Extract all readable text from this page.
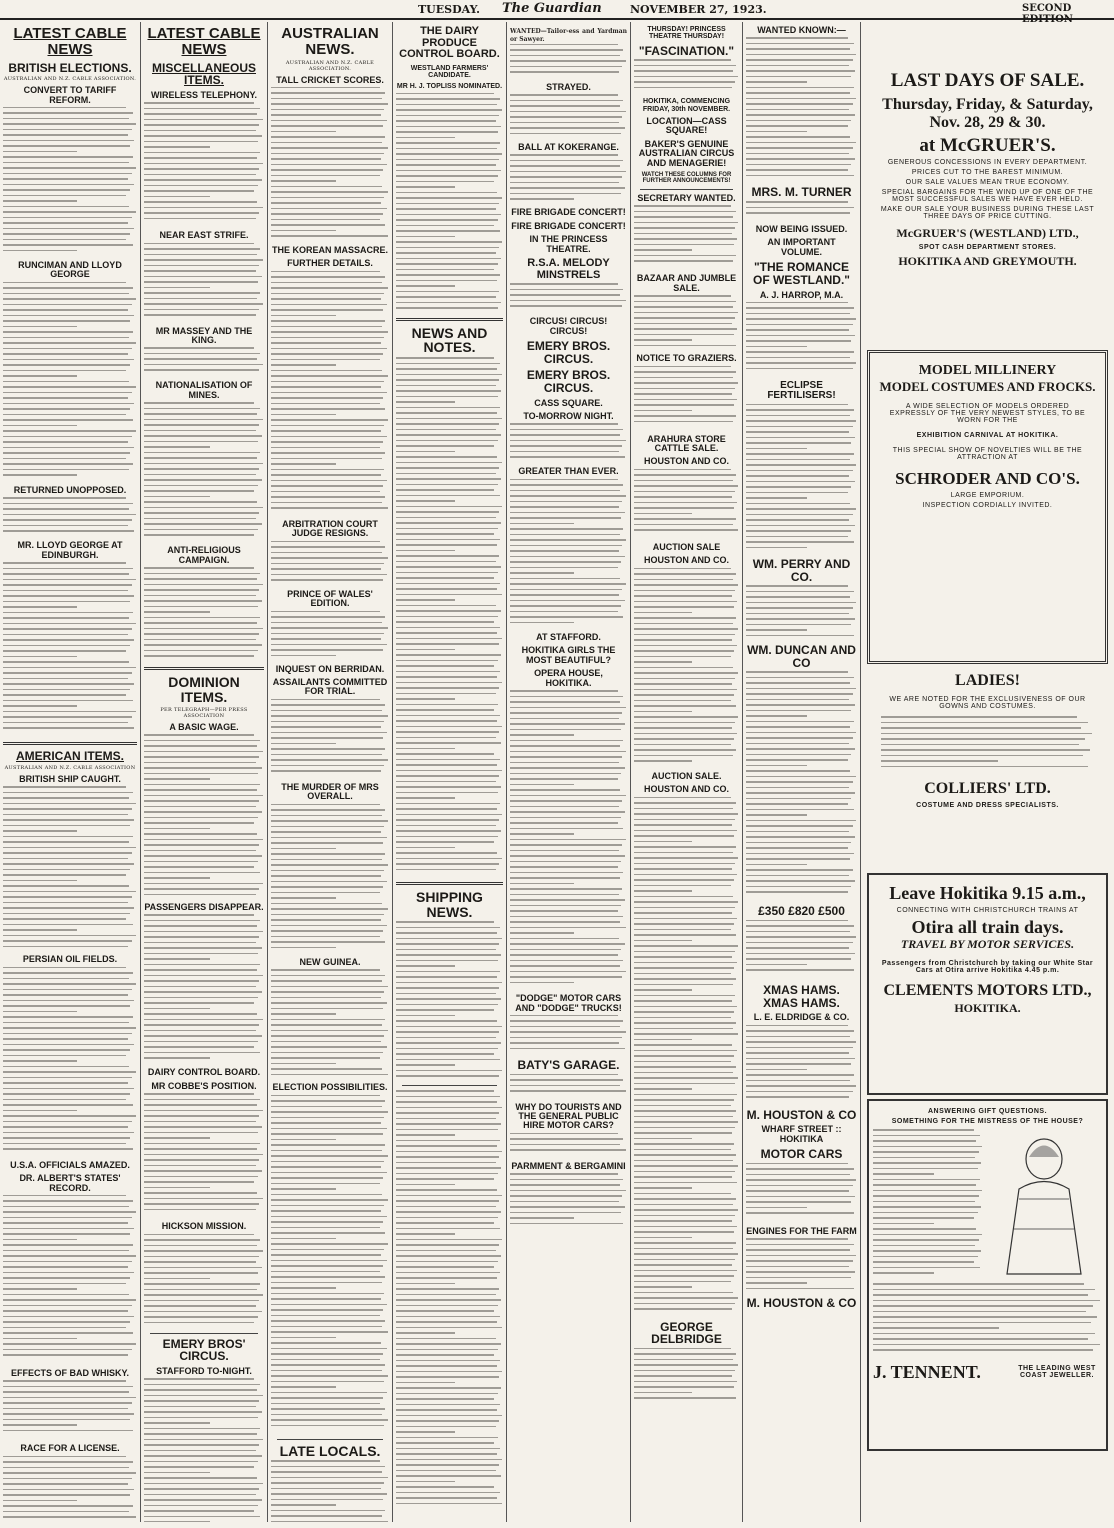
TUESDAY. The Guardian	NOVEMBER 27, 1923.	SECOND EDITION
LATEST CABLE NEWS
BRITISH ELECTIONS.
AUSTRALIAN AND N.Z. CABLE ASSOCIATION.
CONVERT TO TARIFF REFORM.
RUNCIMAN AND LLOYD GEORGE
RETURNED UNOPPOSED.
MR. LLOYD GEORGE AT EDINBURGH.
AMERICAN ITEMS.
AUSTRALIAN AND N.Z. CABLE ASSOCIATION
BRITISH SHIP CAUGHT.
PERSIAN OIL FIELDS.
U.S.A. OFFICIALS AMAZED.
DR. ALBERT'S STATES' RECORD.
EFFECTS OF BAD WHISKY.
RACE FOR A LICENSE.
LATEST CABLE NEWS
MISCELLANEOUS ITEMS.
WIRELESS TELEPHONY.
NEAR EAST STRIFE.
MR MASSEY AND THE KING.
NATIONALISATION OF MINES.
ANTI-RELIGIOUS CAMPAIGN.
DOMINION ITEMS.
PER TELEGRAPH—PER PRESS ASSOCIATION
A BASIC WAGE.
PASSENGERS DISAPPEAR.
DAIRY CONTROL BOARD.
MR COBBE'S POSITION.
HICKSON MISSION.
EMERY BROS' CIRCUS.
STAFFORD TO-NIGHT.
AUSTRALIAN NEWS.
AUSTRALIAN AND N.Z. CABLE ASSOCIATION.
TALL CRICKET SCORES.
THE KOREAN MASSACRE.
FURTHER DETAILS.
ARBITRATION COURT JUDGE RESIGNS.
PRINCE OF WALES' EDITION.
INQUEST ON BERRIDAN.
ASSAILANTS COMMITTED FOR TRIAL.
THE MURDER OF MRS OVERALL.
NEW GUINEA.
ELECTION POSSIBILITIES.
LATE LOCALS.
THE DAIRY PRODUCE CONTROL BOARD.
WESTLAND FARMERS' CANDIDATE.
MR H. J. TOPLISS NOMINATED.
NEWS AND NOTES.
SHIPPING NEWS.
WANTED—Tailor-ess and Yardman or Sawyer.
STRAYED.
BALL AT KOKERANGE.
FIRE BRIGADE CONCERT!
FIRE BRIGADE CONCERT!
IN THE PRINCESS THEATRE.
R.S.A. MELODY MINSTRELS
CIRCUS! CIRCUS! CIRCUS!
EMERY BROS. CIRCUS.
EMERY BROS. CIRCUS.
CASS SQUARE.
TO-MORROW NIGHT.
GREATER THAN EVER.
AT STAFFORD.
HOKITIKA GIRLS THE MOST BEAUTIFUL?
OPERA HOUSE, HOKITIKA.
"DODGE" MOTOR CARS AND "DODGE" TRUCKS!
BATY'S GARAGE.
WHY DO TOURISTS AND THE GENERAL PUBLIC HIRE MOTOR CARS?
PARMMENT & BERGAMINI
THURSDAY! PRINCESS THEATRE THURSDAY!
"FASCINATION."
HOKITIKA, COMMENCING FRIDAY, 30th NOVEMBER.
LOCATION—CASS SQUARE!
BAKER'S GENUINE AUSTRALIAN CIRCUS AND MENAGERIE!
WATCH THESE COLUMNS FOR FURTHER ANNOUNCEMENTS!
SECRETARY WANTED.
BAZAAR AND JUMBLE SALE.
NOTICE TO GRAZIERS.
ARAHURA STORE CATTLE SALE.
HOUSTON AND CO.
AUCTION SALE
HOUSTON AND CO.
AUCTION SALE.
HOUSTON AND CO.
GEORGE DELBRIDGE
WANTED KNOWN:—
MRS. M. TURNER
NOW BEING ISSUED.
AN IMPORTANT VOLUME.
"THE ROMANCE OF WESTLAND."
A. J. HARROP, M.A.
ECLIPSE FERTILISERS!
WM. PERRY AND CO.
WM. DUNCAN AND CO
£350 £820 £500
XMAS HAMS. XMAS HAMS.
L. E. ELDRIDGE & CO.
M. HOUSTON & CO
WHARF STREET :: HOKITIKA
MOTOR CARS
ENGINES FOR THE FARM
M. HOUSTON & CO
LAST DAYS OF SALE.
Thursday, Friday, & Saturday, Nov. 28, 29 & 30.
at McGRUER'S.
GENEROUS CONCESSIONS IN EVERY DEPARTMENT.
PRICES CUT TO THE BAREST MINIMUM.
OUR SALE VALUES MEAN TRUE ECONOMY.
SPECIAL BARGAINS FOR THE WIND UP OF ONE OF THE MOST SUCCESSFUL SALES WE HAVE EVER HELD.
MAKE OUR SALE YOUR BUSINESS DURING THESE LAST THREE DAYS OF PRICE CUTTING.
McGRUER'S (WESTLAND) LTD.,
SPOT CASH DEPARTMENT STORES.
HOKITIKA AND GREYMOUTH.
MODEL MILLINERY
MODEL COSTUMES AND FROCKS.
A WIDE SELECTION OF MODELS ORDERED EXPRESSLY OF THE VERY NEWEST STYLES, TO BE WORN FOR THE
EXHIBITION CARNIVAL AT HOKITIKA.
THIS SPECIAL SHOW OF NOVELTIES WILL BE THE ATTRACTION AT
SCHRODER AND CO'S.
LARGE EMPORIUM.
INSPECTION CORDIALLY INVITED.
LADIES!
WE ARE NOTED FOR THE EXCLUSIVENESS OF OUR GOWNS AND COSTUMES.
COLLIERS' LTD.
COSTUME AND DRESS SPECIALISTS.
Leave Hokitika 9.15 a.m.,
CONNECTING WITH CHRISTCHURCH TRAINS AT
Otira all train days.
TRAVEL BY MOTOR SERVICES.
Passengers from Christchurch by taking our White Star Cars at Otira arrive Hokitika 4.45 p.m.
CLEMENTS MOTORS LTD.,
HOKITIKA.
ANSWERING GIFT QUESTIONS.
SOMETHING FOR THE MISTRESS OF THE HOUSE?
J. TENNENT.	THE LEADING WEST COAST JEWELLER.
